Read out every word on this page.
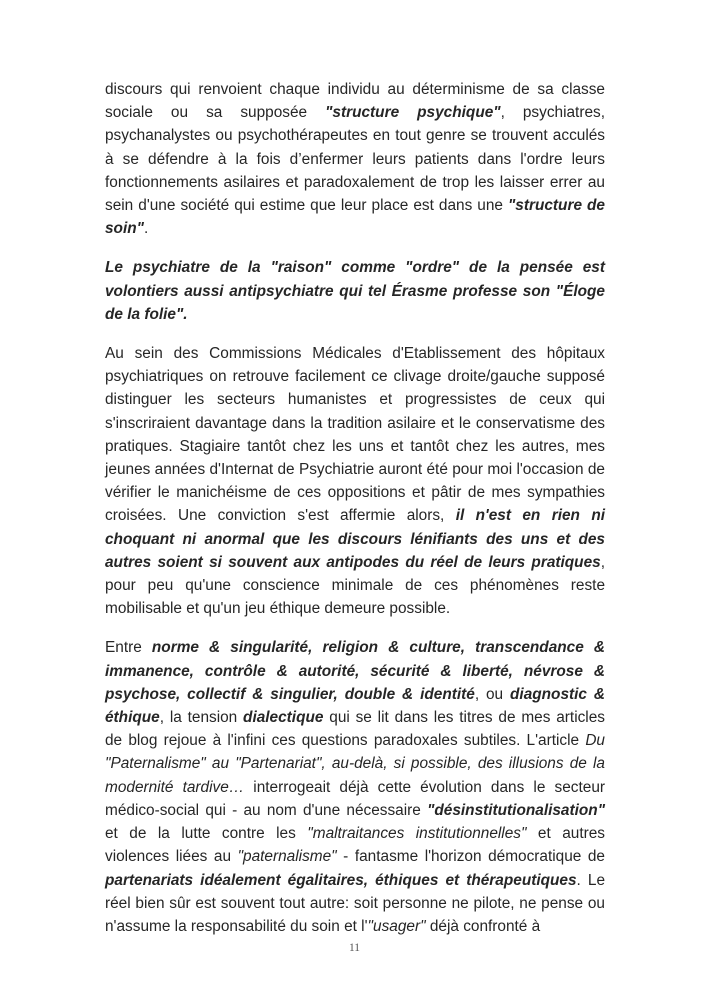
discours qui renvoient chaque individu au déterminisme de sa classe sociale ou sa supposée "structure psychique", psychiatres, psychanalystes ou psychothérapeutes en tout genre se trouvent acculés à se défendre à la fois d’enfermer leurs patients dans l'ordre leurs fonctionnements asilaires et paradoxalement de trop les laisser errer au sein d'une société qui estime que leur place est dans une "structure de soin".

Le psychiatre de la "raison" comme "ordre" de la pensée est volontiers aussi antipsychiatre qui tel Érasme professe son "Éloge de la folie".

Au sein des Commissions Médicales d'Etablissement des hôpitaux psychiatriques on retrouve facilement ce clivage droite/gauche supposé distinguer les secteurs humanistes et progressistes de ceux qui s'inscriraient davantage dans la tradition asilaire et le conservatisme des pratiques. Stagiaire tantôt chez les uns et tantôt chez les autres, mes jeunes années d'Internat de Psychiatrie auront été pour moi l'occasion de vérifier le manichéisme de ces oppositions et pâtir de mes sympathies croisées. Une conviction s'est affermie alors, il n'est en rien ni choquant ni anormal que les discours lénifiants des uns et des autres soient si souvent aux antipodes du réel de leurs pratiques, pour peu qu'une conscience minimale de ces phénomènes reste mobilisable et qu'un jeu éthique demeure possible.

Entre norme & singularité, religion & culture, transcendance & immanence, contrôle & autorité, sécurité & liberté, névrose & psychose, collectif & singulier, double & identité, ou diagnostic & éthique, la tension dialectique qui se lit dans les titres de mes articles de blog rejoue à l'infini ces questions paradoxales subtiles. L'article Du "Paternalisme" au "Partenariat", au-delà, si possible, des illusions de la modernité tardive… interrogeait déjà cette évolution dans le secteur médico-social qui - au nom d'une nécessaire "désinstitutionalisation" et de la lutte contre les "maltraitances institutionnelles" et autres violences liées au "paternalisme" - fantasme l'horizon démocratique de partenariats idéalement égalitaires, éthiques et thérapeutiques. Le réel bien sûr est souvent tout autre: soit personne ne pilote, ne pense ou n'assume la responsabilité du soin et l'"usager" déjà confronté à

11
